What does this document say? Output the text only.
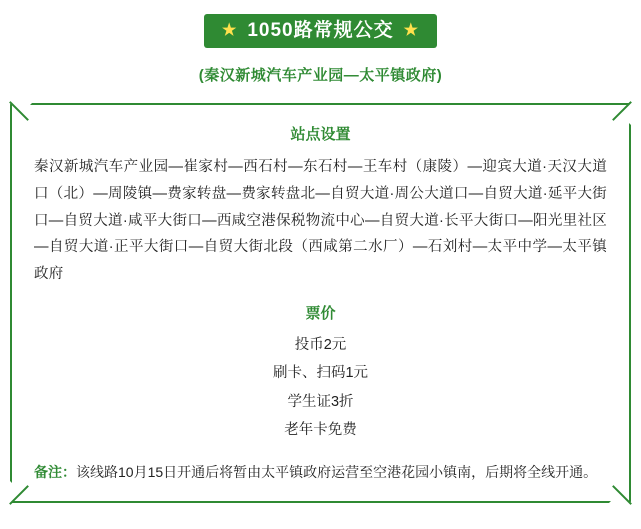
★ 1050路常规公交 ★
(秦汉新城汽车产业园—太平镇政府)
站点设置
秦汉新城汽车产业园—崔家村—西石村—东石村—王车村（康陵）—迎宾大道·天汉大道口（北）—周陵镇—费家转盘—费家转盘北—自贸大道·周公大道口—自贸大道·延平大街口—自贸大道·咸平大街口—西咸空港保税物流中心—自贸大道·长平大街口—阳光里社区—自贸大道·正平大街口—自贸大街北段（西咸第二水厂）—石刘村—太平中学—太平镇政府
票价
投币2元
刷卡、扫码1元
学生证3折
老年卡免费
备注：该线路10月15日开通后将暂由太平镇政府运营至空港花园小镇南，后期将全线开通。
